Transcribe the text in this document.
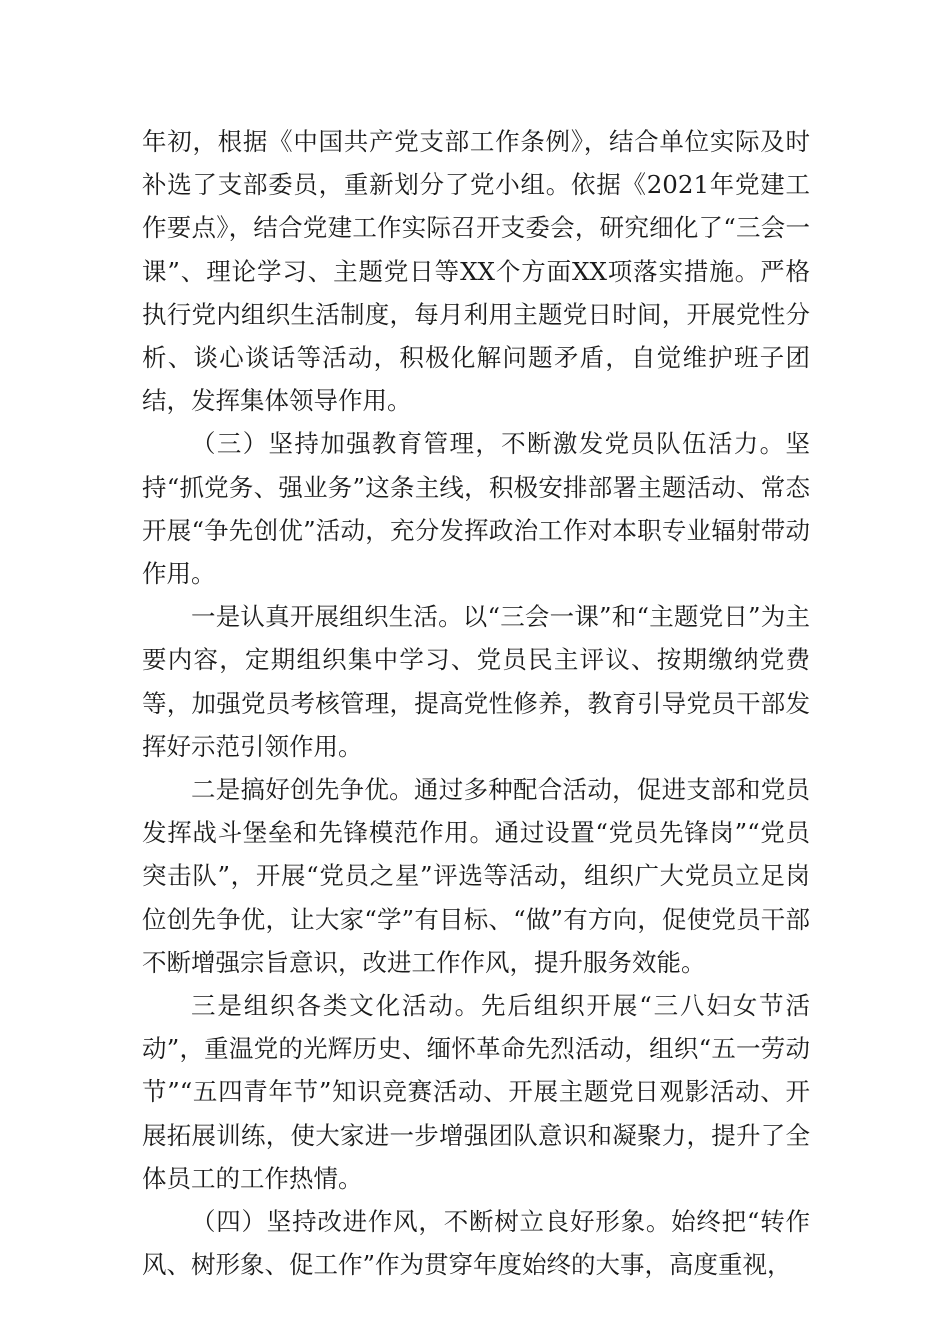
年初，根据《中国共产党支部工作条例》，结合单位实际及时补选了支部委员，重新划分了党小组。依据《2021年党建工作要点》，结合党建工作实际召开支委会，研究细化了“三会一课”、理论学习、主题党日等XX个方面XX项落实措施。严格执行党内组织生活制度，每月利用主题党日时间，开展党性分析、谈心谈话等活动，积极化解问题矛盾，自觉维护班子团结，发挥集体领导作用。

（三）坚持加强教育管理，不断激发党员队伍活力。坚持“抓党务、强业务”这条主线，积极安排部署主题活动、常态开展“争先创优”活动，充分发挥政治工作对本职专业辐射带动作用。

一是认真开展组织生活。以“三会一课”和“主题党日”为主要内容，定期组织集中学习、党员民主评议、按期缴纳党费等，加强党员考核管理，提高党性修养，教育引导党员干部发挥好示范引领作用。

二是搞好创先争优。通过多种配合活动，促进支部和党员发挥战斗堡垒和先锋模范作用。通过设置“党员先锋岗”“党员突击队”，开展“党员之星”评选等活动，组织广大党员立足岗位创先争优，让大家“学”有目标、“做”有方向，促使党员干部不断增强宗旨意识，改进工作作风，提升服务效能。

三是组织各类文化活动。先后组织开展“三八妇女节活动”，重温党的光辉历史、缅怀革命先烈活动，组织“五一劳动节”“五四青年节”知识竞赛活动、开展主题党日观影活动、开展拓展训练，使大家进一步增强团队意识和凝聚力，提升了全体员工的工作热情。

（四）坚持改进作风，不断树立良好形象。始终把“转作风、树形象、促工作”作为贯穿年度始终的大事，高度重视，
